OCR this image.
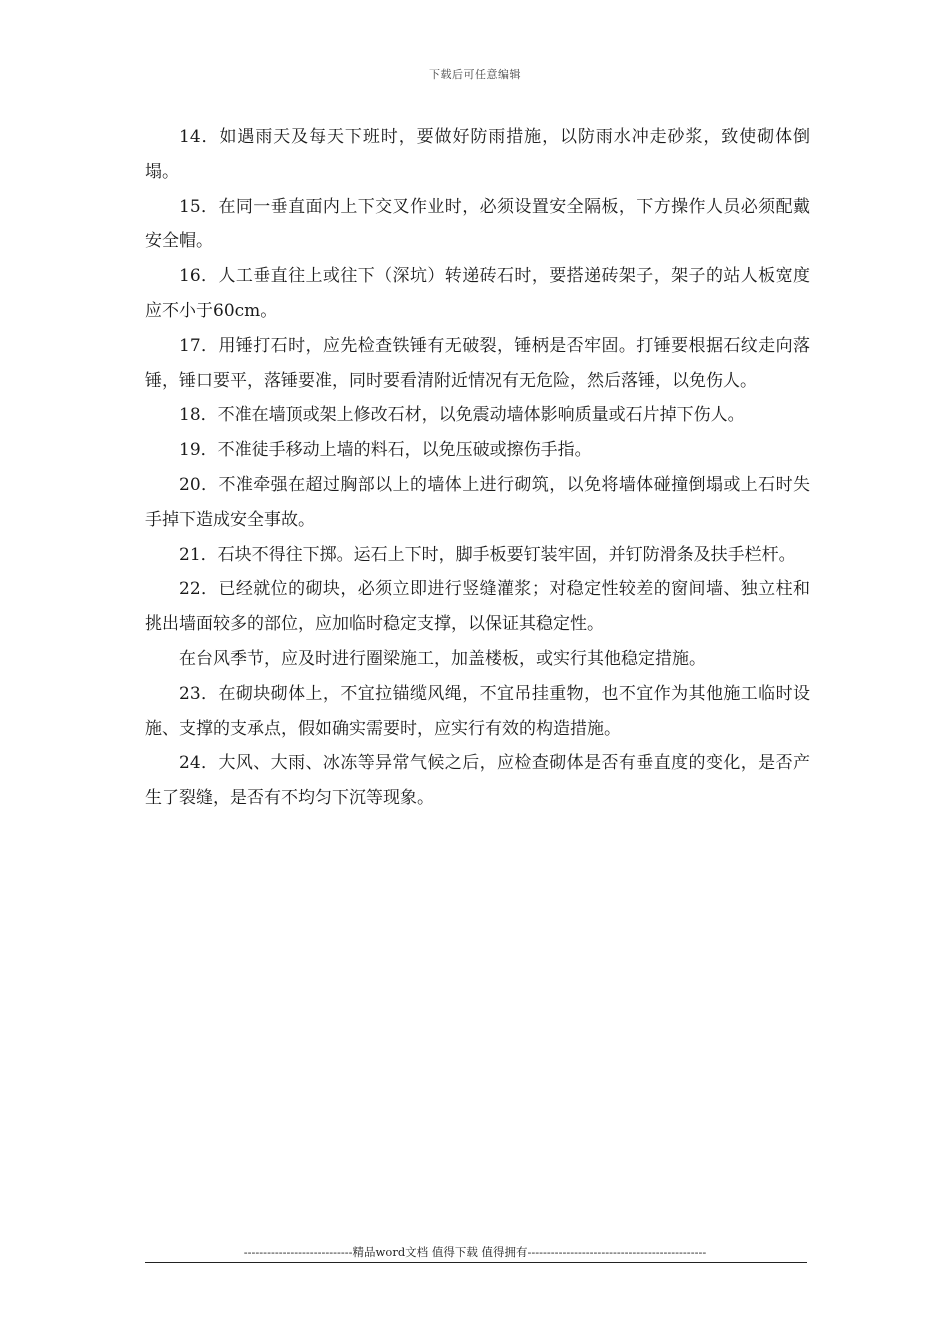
下载后可任意编辑

14．如遇雨天及每天下班时，要做好防雨措施，以防雨水冲走砂浆，致使砌体倒塌。

15．在同一垂直面内上下交叉作业时，必须设置安全隔板，下方操作人员必须配戴安全帽。

16．人工垂直往上或往下（深坑）转递砖石时，要搭递砖架子，架子的站人板宽度应不小于60cm。

17．用锤打石时，应先检查铁锤有无破裂，锤柄是否牢固。打锤要根据石纹走向落锤，锤口要平，落锤要准，同时要看清附近情况有无危险，然后落锤，以免伤人。

18．不准在墙顶或架上修改石材，以免震动墙体影响质量或石片掉下伤人。

19．不准徒手移动上墙的料石，以免压破或擦伤手指。

20．不准牵强在超过胸部以上的墙体上进行砌筑，以免将墙体碰撞倒塌或上石时失手掉下造成安全事故。

21．石块不得往下掷。运石上下时，脚手板要钉装牢固，并钉防滑条及扶手栏杆。

22．已经就位的砌块，必须立即进行竖缝灌浆；对稳定性较差的窗间墙、独立柱和挑出墙面较多的部位，应加临时稳定支撑，以保证其稳定性。

在台风季节，应及时进行圈梁施工，加盖楼板，或实行其他稳定措施。

23．在砌块砌体上，不宜拉锚缆风绳，不宜吊挂重物，也不宜作为其他施工临时设施、支撑的支承点，假如确实需要时，应实行有效的构造措施。

24．大风、大雨、冰冻等异常气候之后，应检查砌体是否有垂直度的变化，是否产生了裂缝，是否有不均匀下沉等现象。

----------------------------精品word文档 值得下载 值得拥有----------------------------------------------
